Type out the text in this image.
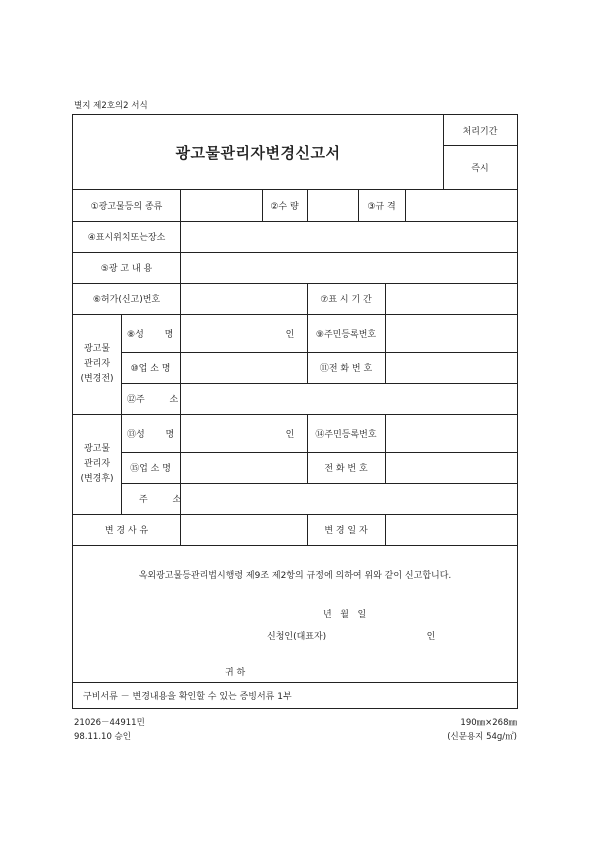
별지 제2호의2 서식
광고물관리자변경신고서
처리기간
즉시
①광고물등의 종류	②수 량	③규 격
④표시위치또는장소
⑤광 고 내 용
⑥허가(신고)번호	⑦표 시 기 간
광고물
관리자
(변경전)
⑧성 명	인	⑨주민등록번호
⑩업 소 명	⑪전 화 번 호
⑫주 소
광고물
관리자
(변경후)
⑬성 명	인	⑭주민등록번호
⑮업 소 명	전 화 번 호
주 소
변 경 사 유	변 경 일 자
옥외광고물등관리법시행령 제9조 제2항의 규정에 의하여 위와 같이 신고합니다.
년   월   일
신청인(대표자)	인
귀 하
구비서류 － 변경내용을 확인할 수 있는 증빙서류 1부
21026－44911민
98.11.10 승인
190㎜×268㎜
(신문용지 54g/㎡)
